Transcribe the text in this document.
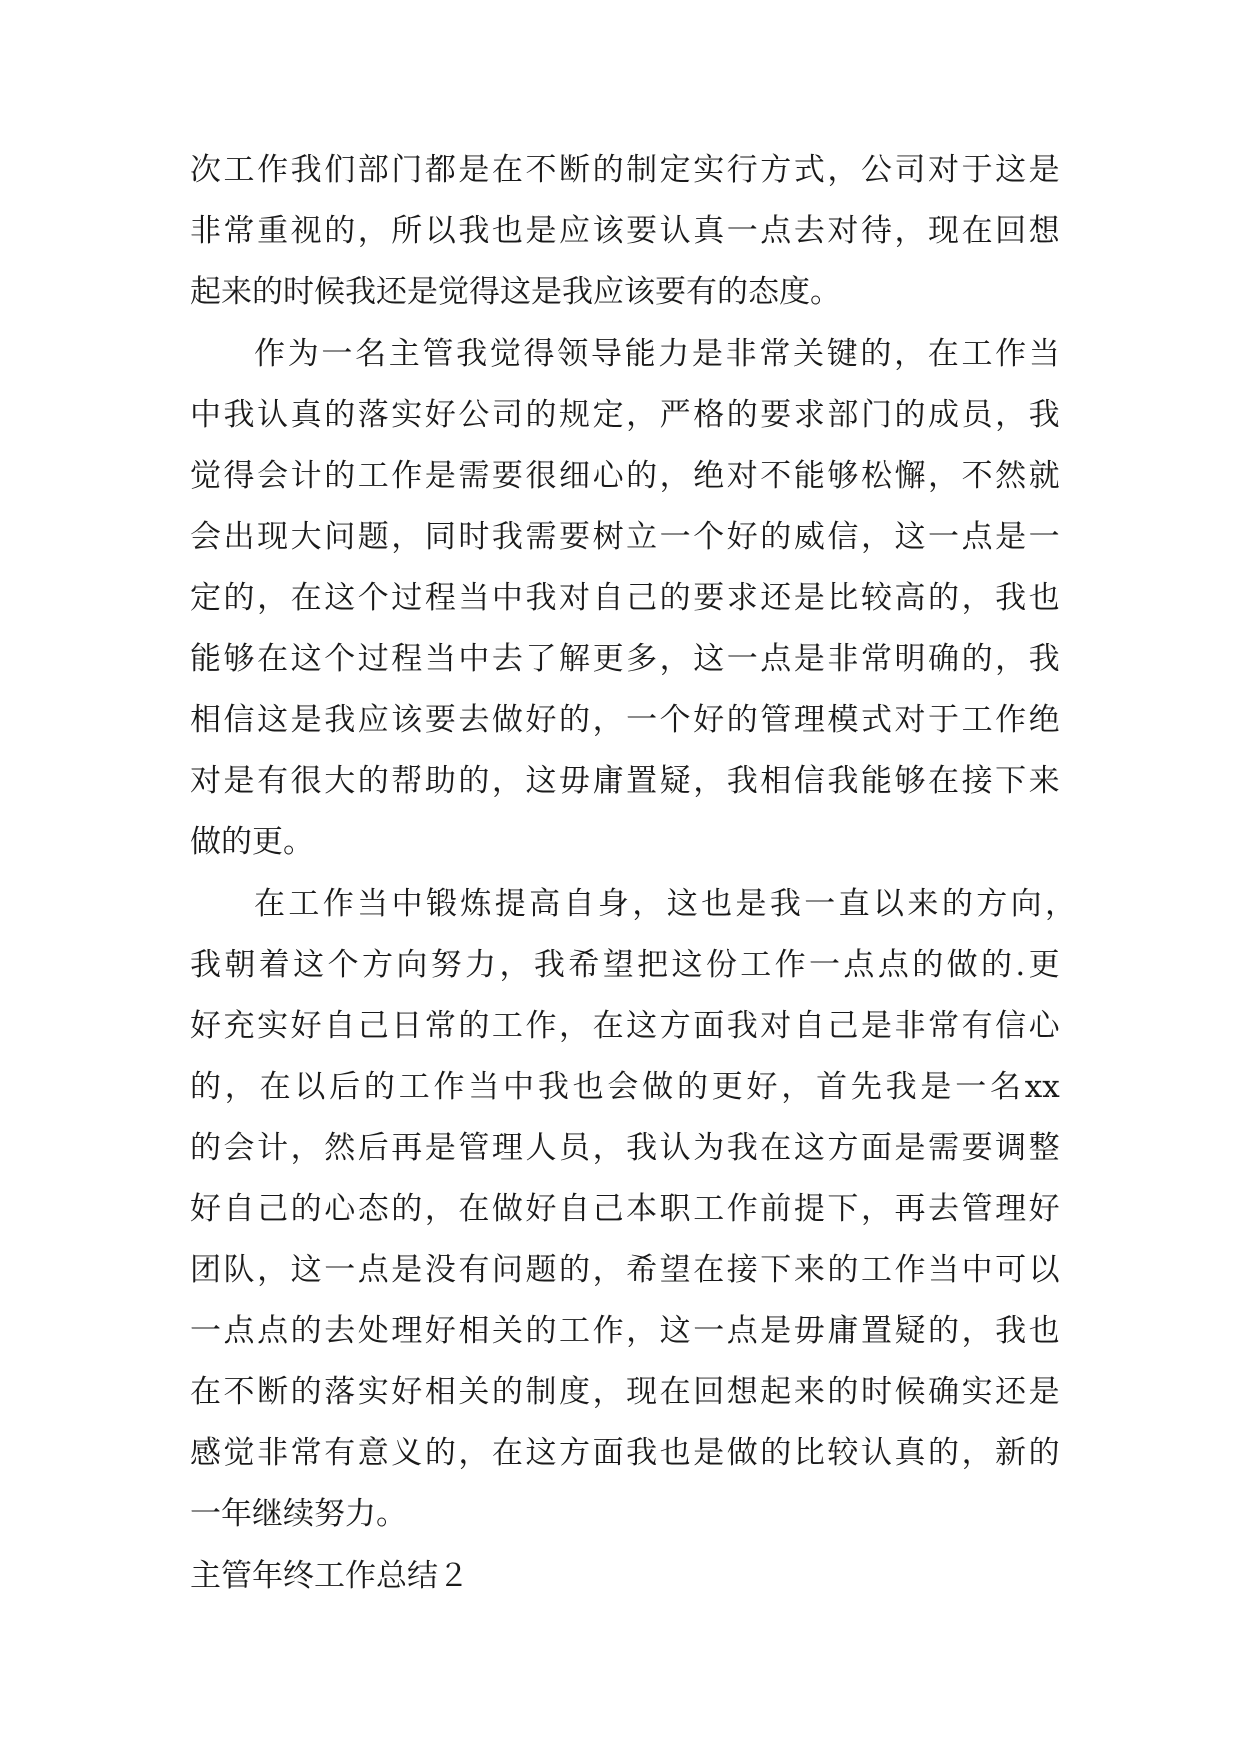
次 工 作 我 们 部 门 都 是 在 不 断 的 制 定 实 行 方 式 ， 公 司 对 于 这 是
非 常 重 视 的 ， 所 以 我 也 是 应 该 要 认 真 一 点 去 对 待 ， 现 在 回 想
起来的时候我还是觉得这是我应该要有的态度。
作 为 一 名 主 管 我 觉 得 领 导 能 力 是 非 常 关 键 的 ， 在 工 作 当
中 我 认 真 的 落 实 好 公 司 的 规 定 ， 严 格 的 要 求 部 门 的 成 员 ， 我
觉 得 会 计 的 工 作 是 需 要 很 细 心 的 ， 绝 对 不 能 够 松 懈 ， 不 然 就
会 出 现 大 问 题 ， 同 时 我 需 要 树 立 一 个 好 的 威 信 ， 这 一 点 是 一
定 的 ， 在 这 个 过 程 当 中 我 对 自 己 的 要 求 还 是 比 较 高 的 ， 我 也
能 够 在 这 个 过 程 当 中 去 了 解 更 多 ， 这 一 点 是 非 常 明 确 的 ， 我
相 信 这 是 我 应 该 要 去 做 好 的 ， 一 个 好 的 管 理 模 式 对 于 工 作 绝
对 是 有 很 大 的 帮 助 的 ， 这 毋 庸 置 疑 ， 我 相 信 我 能 够 在 接 下 来
做的更。
在 工 作 当 中 锻 炼 提 高 自 身 ， 这 也 是 我 一 直 以 来 的 方 向 ，
我 朝 着 这 个 方 向 努 力 ， 我 希 望 把 这 份 工 作 一 点 点 的 做 的 . 更
好 充 实 好 自 己 日 常 的 工 作 ， 在 这 方 面 我 对 自 己 是 非 常 有 信 心
的 ， 在 以 后 的 工 作 当 中 我 也 会 做 的 更 好 ， 首 先 我 是 一 名 xx
的 会 计 ， 然 后 再 是 管 理 人 员 ， 我 认 为 我 在 这 方 面 是 需 要 调 整
好 自 己 的 心 态 的 ， 在 做 好 自 己 本 职 工 作 前 提 下 ， 再 去 管 理 好
团 队 ， 这 一 点 是 没 有 问 题 的 ， 希 望 在 接 下 来 的 工 作 当 中 可 以
一 点 点 的 去 处 理 好 相 关 的 工 作 ， 这 一 点 是 毋 庸 置 疑 的 ， 我 也
在 不 断 的 落 实 好 相 关 的 制 度 ， 现 在 回 想 起 来 的 时 候 确 实 还 是
感 觉 非 常 有 意 义 的 ， 在 这 方 面 我 也 是 做 的 比 较 认 真 的 ， 新 的
一年继续努力。
主管年终工作总结２
